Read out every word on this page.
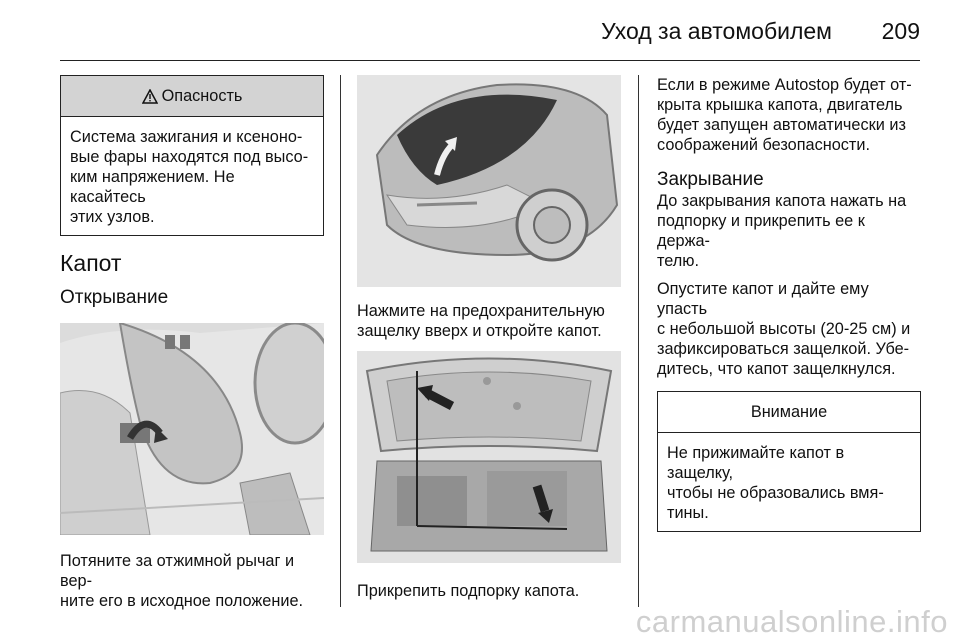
Уход за автомобилем 209
Опасность
Система зажигания и ксеноно-
вые фары находятся под высо-
ким напряжением. Не касайтесь
этих узлов.
Капот
Открывание
Потяните за отжимной рычаг и вер-
ните его в исходное положение.
Нажмите на предохранительную
защелку вверх и откройте капот.
Прикрепить подпорку капота.
Если в режиме Autostop будет от-
крыта крышка капота, двигатель
будет запущен автоматически из
соображений безопасности.
Закрывание
До закрывания капота нажать на
подпорку и прикрепить ее к держа-
телю.
Опустите капот и дайте ему упасть
с небольшой высоты (20-25 см) и
зафиксироваться защелкой. Убе-
дитесь, что капот защелкнулся.
Внимание
Не прижимайте капот в защелку,
чтобы не образовались вмя-
тины.
carmanualsonline.info
